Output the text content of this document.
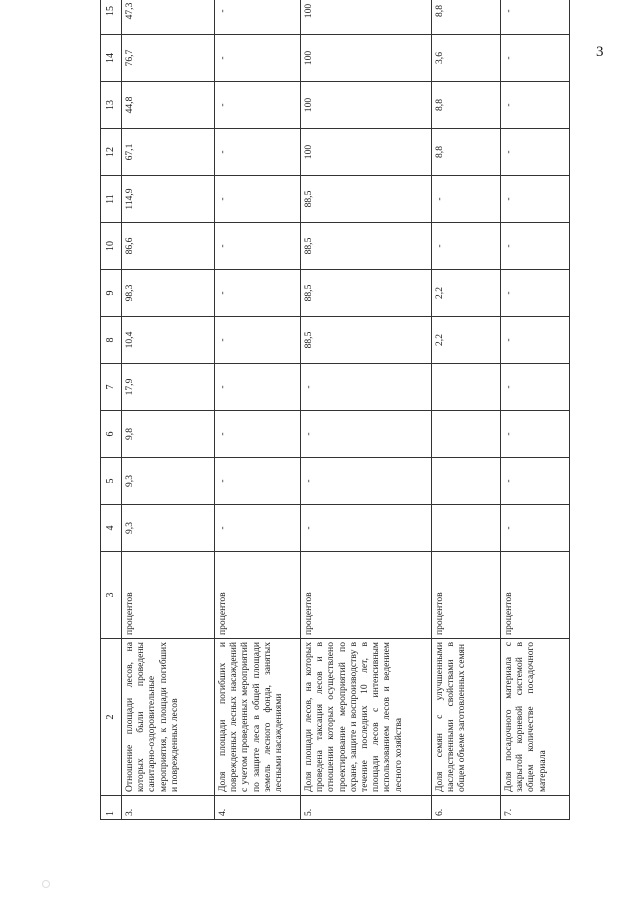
3
1	2	3	4	5	6	7	8	9	10	11	12	13	14	15
3.	Отношение площади лесов, на которых были проведены санитарно-оздоровительные мероприятия, к площади погибших и поврежденных лесов	процентов	9,3	9,3	9,8	17,9	10,4	98,3	86,6	114,9	67,1	44,8	76,7	47,3
4.	Доля площади погибших и поврежденных лесных насаждений с учетом проведенных мероприятий по защите леса в общей площади земель лесного фонда, занятых лесными насаждениями	процентов	-	-	-	-	-	-	-	-	-	-	-	-
5.	Доля площади лесов, на которых проведена таксация лесов и в отношении которых осуществлено проектирование мероприятий по охране, защите и воспроизводству в течение последних 10 лет, в площади лесов с интенсивным использованием лесов и ведением лесного хозяйства	процентов	-	-	-	-	88,5	88,5	88,5	88,5	100	100	100	100
6.	Доля семян с улучшенными наследственными свойствами в общем объеме заготовленных семян	процентов					2,2	2,2	-	-	8,8	8,8	3,6	8,8
7.	Доля посадочного материала с закрытой корневой системой в общем количестве посадочного материала	процентов	-	-	-	-	-	-	-	-	-	-	-	-
